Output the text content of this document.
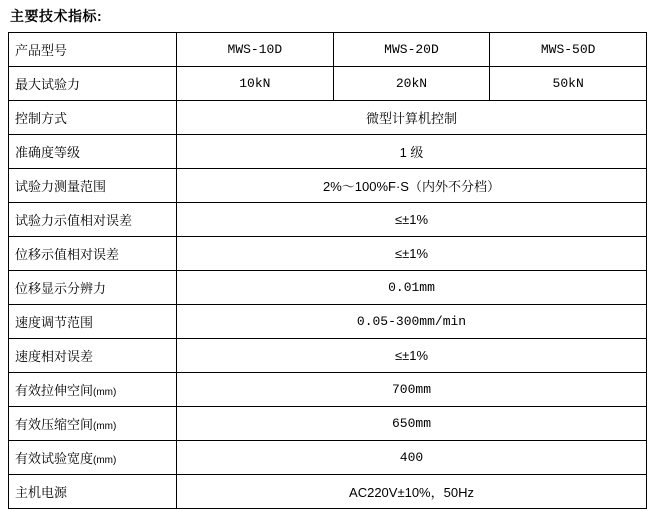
主要技术指标:
产品型号	MWS-10D	MWS-20D	MWS-50D
最大试验力	10kN	20kN	50kN
控制方式	微型计算机控制		
准确度等级	1 级		
试验力测量范围	2%～100%F·S（内外不分档）		
试验力示值相对误差	≤±1%		
位移示值相对误差	≤±1%		
位移显示分辨力	0.01mm		
速度调节范围	0.05-300mm/min		
速度相对误差	≤±1%		
有效拉伸空间(mm)	700mm		
有效压缩空间(mm)	650mm		
有效试验宽度(mm)	400		
主机电源	AC220V±10%，50Hz		
